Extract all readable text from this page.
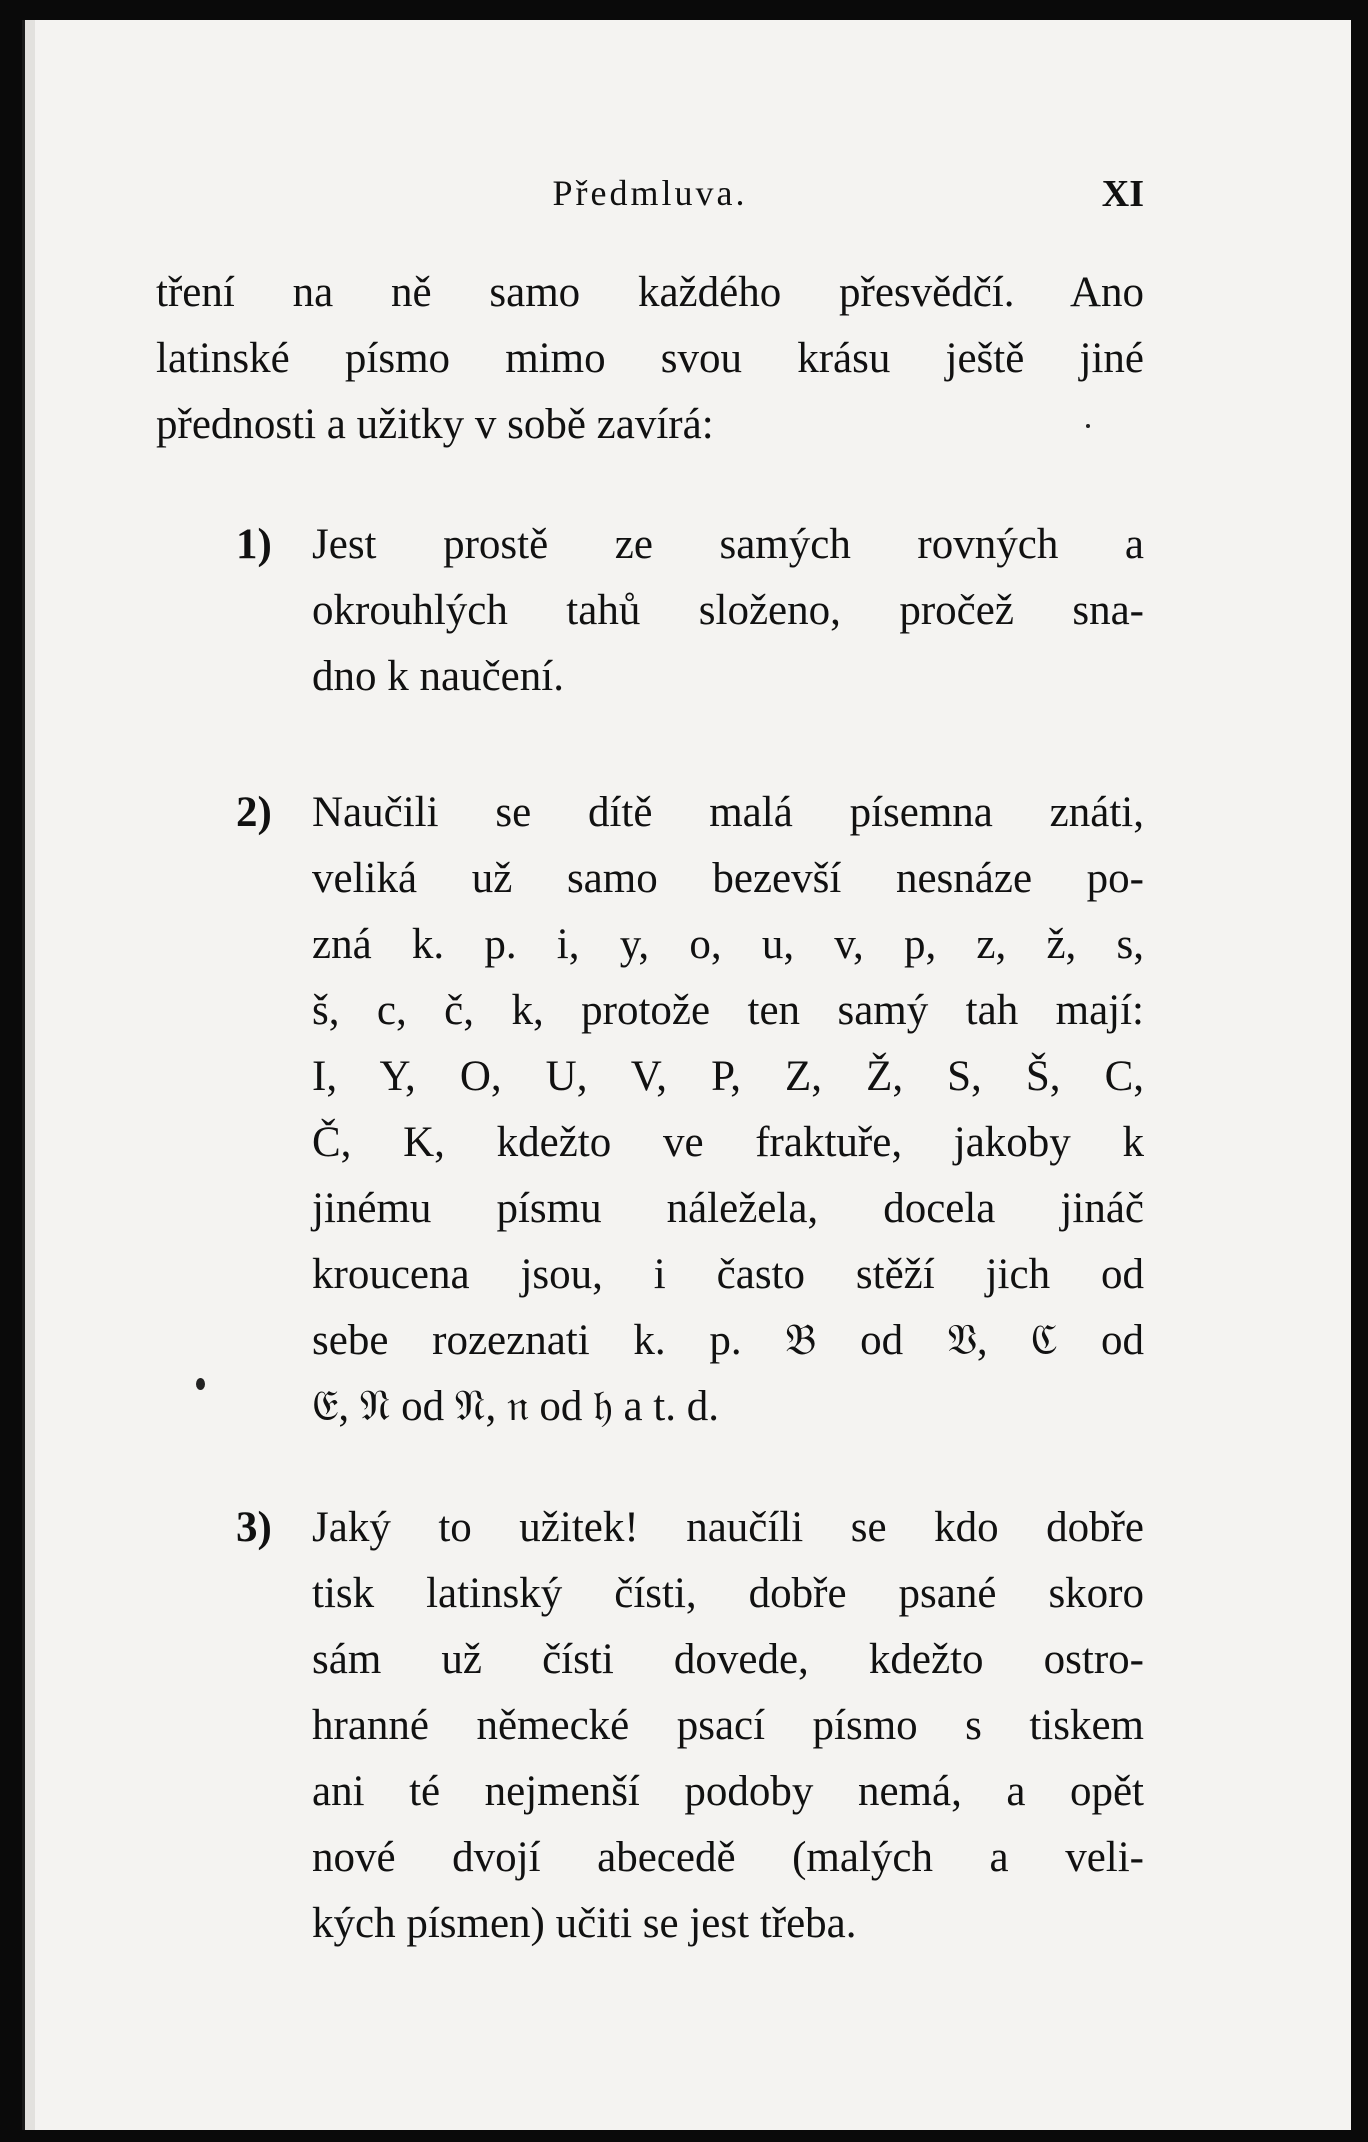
Předmluva.	XI
tření na ně samo každého přesvědčí. Ano
latinské písmo mimo svou krásu ještě jiné
přednosti a užitky v sobě zavírá:
1) Jest prostě ze samých rovných a
okrouhlých tahů složeno, pročež sna-
dno k naučení.
2) Naučili se dítě malá písemna znáti,
veliká už samo bezevší nesnáze po-
zná k. p. i, y, o, u, v, p, z, ž, s,
š, c, č, k, protože ten samý tah mají:
I, Y, O, U, V, P, Z, Ž, S, Š, C,
Č, K, kdežto ve fraktuře, jakoby k
jinému písmu náležela, docela jináč
kroucena jsou, i často stěží jich od
sebe rozeznati k. p. 𝔅 od 𝔙, ℭ od
𝔈, 𝔑 od 𝔑, 𝔫 od 𝔥 a t. d.
3) Jaký to užitek! naučíli se kdo dobře
tisk latinský čísti, dobře psané skoro
sám už čísti dovede, kdežto ostro-
hranné německé psací písmo s tiskem
ani té nejmenší podoby nemá, a opět
nové dvojí abecedě (malých a veli-
kých písmen) učiti se jest třeba.
